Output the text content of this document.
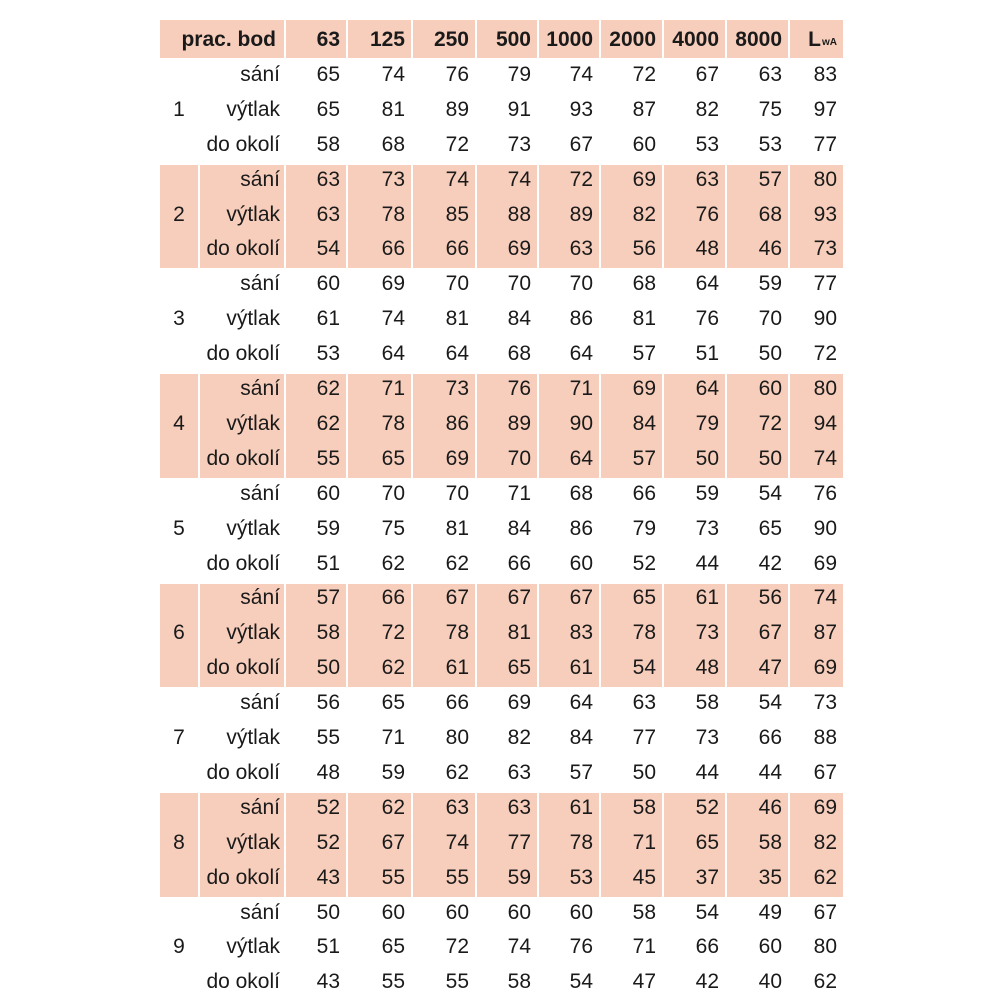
prac. bod	63	125	250	500 1000 2000 4000 8000 L wA
1
sání	65	74	76	79	74	72	67	63	83
výtlak	65	81	89	91	93	87	82	75	97
do okolí	58	68	72	73	67	60	53	53	77
2
sání	63	73	74	74	72	69	63	57	80
výtlak	63	78	85	88	89	82	76	68	93
do okolí	54	66	66	69	63	56	48	46	73
3
sání	60	69	70	70	70	68	64	59	77
výtlak	61	74	81	84	86	81	76	70	90
do okolí	53	64	64	68	64	57	51	50	72
4
sání	62	71	73	76	71	69	64	60	80
výtlak	62	78	86	89	90	84	79	72	94
do okolí	55	65	69	70	64	57	50	50	74
5
sání	60	70	70	71	68	66	59	54	76
výtlak	59	75	81	84	86	79	73	65	90
do okolí	51	62	62	66	60	52	44	42	69
6
sání	57	66	67	67	67	65	61	56	74
výtlak	58	72	78	81	83	78	73	67	87
do okolí	50	62	61	65	61	54	48	47	69
7
sání	56	65	66	69	64	63	58	54	73
výtlak	55	71	80	82	84	77	73	66	88
do okolí	48	59	62	63	57	50	44	44	67
8
sání	52	62	63	63	61	58	52	46	69
výtlak	52	67	74	77	78	71	65	58	82
do okolí	43	55	55	59	53	45	37	35	62
9
sání	50	60	60	60	60	58	54	49	67
výtlak	51	65	72	74	76	71	66	60	80
do okolí	43	55	55	58	54	47	42	40	62
